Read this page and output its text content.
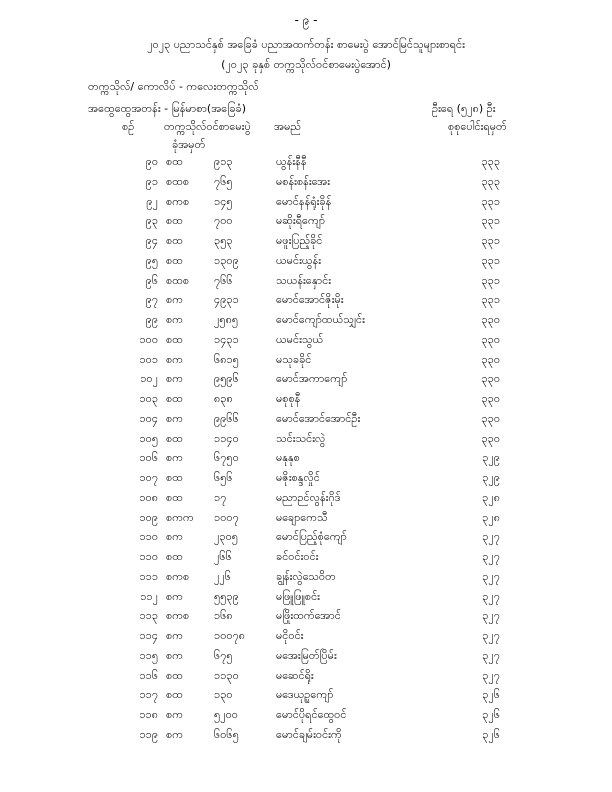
- ၉ -
၂၀၂၃ ပညာသင်နှစ် အခြေခံ ပညာအထက်တန်း စာမေးပွဲ အောင်မြင်သူများစာရင်း
(၂၀၂၃ ခုနှစ် တက္ကသိုလ်ဝင်စာမေးပွဲအောင်)
တက္ကသိုလ်/ ကောလိပ် - ကလေးတက္ကသိုလ်
အထွေထွေအတန်း - မြန်မာစာ(အခြေခံ)	ဦးရေ (၅၂၈) ဦး
စဉ်	တက္ကသိုလ်ဝင်စာမေးပွဲ
ခုံအမှတ်
အမည်	စုစုပေါင်းရမှတ်
၉၀ စထ	၉၁၃	ယွန်းနီနီ	၃၃၃
၉၁ စထစ ၇၆၅	မစန်းစန်းအေး	၃၃၃
၉၂ စကစ ၁၄၅	မောင်နန်ရုံးခိုန်	၃၃၁
၉၃ စထ	၇၀၀	မဆိုးရီကျော်	၃၃၁
၉၄ စထ	၃၅၃	မဖူးပြည့်ခိုင်	၃၃၁
၉၅ စထ	၁၃၀၉	ယမင်းယွန်း	၃၃၁
၉၆ စထစ ၇၆၆	သယန်းနှောင်း	၃၃၁
၉၇ စက	၄၉၃၁	မောင်အောင်ဇိုးမိုး	၃၃၁
၉၉ စက	၂၅၈၅	မောင်ကျော်ထယ်သျှင်း	၃၃၀
၁၀၀ စထ	၁၄၃၁	ယမင်းသွယ်	၃၃၀
၁၀၁ စက	၆၈၁၅	မသုခခိုင်	၃၃၀
၁၀၂ စက	၉၅၉၆	မောင်အကာကျော်	၃၃၀
၁၀၃ စထ	၈၃၈	မစုစုနီ	၃၃၀
၁၀၄ စက	၉၉၆၆	မောင်အောင်အောင်ဦး	၃၃၀
၁၀၅ စထ	၁၁၄၀	သင်းသင်းလွဲ	၃၃၀
၁၀၆ စက	၆၇၅၀	မနုနုစ	၃၂၉
၁၀၇ စထ	၆၅၆	မဇိုးစန္ဒလှိုင်	၃၂၉
၁၀၈ စထ	၁၇	မညာဉင်လွန်းဂိုဒ်	၃၂၈
၁၀၉ စကက ၁၀၀၇	မချောကေသီ	၃၂၈
၁၁၀ စက	၂၃၀၅	မောင်ပြည့်စုံကျော်	၃၂၇
၁၁၀ စထ	၂၆၆	ခင်ဝင်းဝင်း	၃၂၇
၁၁၁ စကစ ၂၂၆	ချွန်းလွဲသေဝိတ	၃၂၇
၁၁၂ စက	၅၅၃၉	မဖြူဖြူစင်း	၃၂၇
၁၁၃ စကစ ၁၆၈	မဖြိုးထက်အောင်	၃၂၇
၁၁၄ စက	၁၀၀၇၈	မငိုဝင်း	၃၂၇
၁၁၅ စက	၆၇၅	မအေးမြတ်ပြိမ်း	၃၂၇
၁၁၆ စထ	၁၁၃၀	မဆေင်ရိုး	၃၂၇
၁၁၇ စထ	၁၃၀	မဒေယုဉ္ပကျော်	၃၂၆
၁၁၈ စက	၅၂၀၀	မောင်ပိုရင်ထွေဝင်	၃၂၆
၁၁၉ စက	၆၀၆၅	မောင်ချမ်းဝင်းကို	၃၂၆
